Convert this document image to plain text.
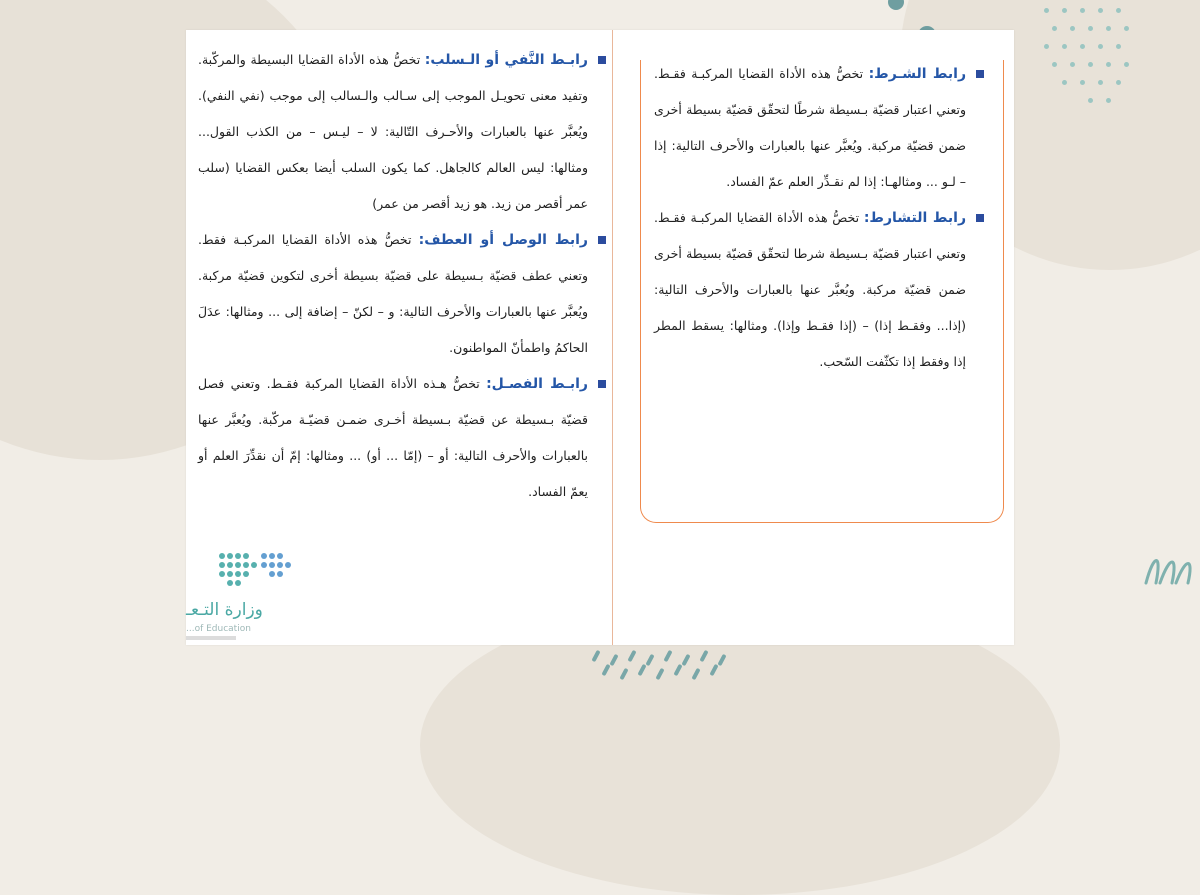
رابـط النَّفي أو الـسلب: تخصُّ هذه الأداة القضايا البسيطة والمركّبة. وتفيد معنى تحويـل الموجب إلى سـالب والـسالب إلى موجب (نفي النفي). ويُعبَّر عنها بالعبارات والأحـرف التّالية: لا – ليـس – من الكذب القول... ومثالها: ليس العالم كالجاهل. كما يكون السلب أيضا بعكس القضايا (سلب عمر أقصر من زيد. هو زيد أقصر من عمر)

رابط الوصل أو العطف: تخصُّ هذه الأداة القضايا المركبـة فقط. وتعني عطف قضيّة بـسيطة على قضيّة بسيطة أخرى لتكوين قضيّة مركبة. ويُعبَّر عنها بالعبارات والأحرف التالية: و – لكنّ – إضافة إلى ... ومثالها: عدَلَ الحاكمُ واطمأنّ المواطنون.

رابـط الفصـل: تخصُّ هـذه الأداة القضايا المركبة فقـط. وتعني فصل قضيّة بـسيطة عن قضيّة بـسيطة أخـرى ضمـن قضيّـة مركّبة. ويُعبَّر عنها بالعبارات والأحرف التالية: أو – (إمّا ... أو) ... ومثالها: إمّ أن نقدِّرَ العلم أو يعمّ الفساد.

رابط الشـرط: تخصُّ هذه الأداة القضايا المركبـة فقـط. وتعني اعتبار قضيّة بـسيطة شرطًا لتحقّق قضيّة بسيطة أخرى ضمن قضيّة مركبة. ويُعبَّر عنها بالعبارات والأحرف التالية: إذا – لـو ... ومثالهـا: إذا لم نقـدِّر العلم عمّ الفساد.

رابط التشارط: تخصُّ هذه الأداة القضايا المركبـة فقـط. وتعني اعتبار قضيّة بـسيطة شرطا لتحقّق قضيّة بسيطة أخرى ضمن قضيّة مركبة. ويُعبَّر عنها بالعبارات والأحرف التالية: (إذا... وفقـط إذا) – (إذا فقـط وإذا). ومثالها: يسقط المطر إذا وفقط إذا تكثّفت السّحب.

وزارة التـعـ
...of Education
